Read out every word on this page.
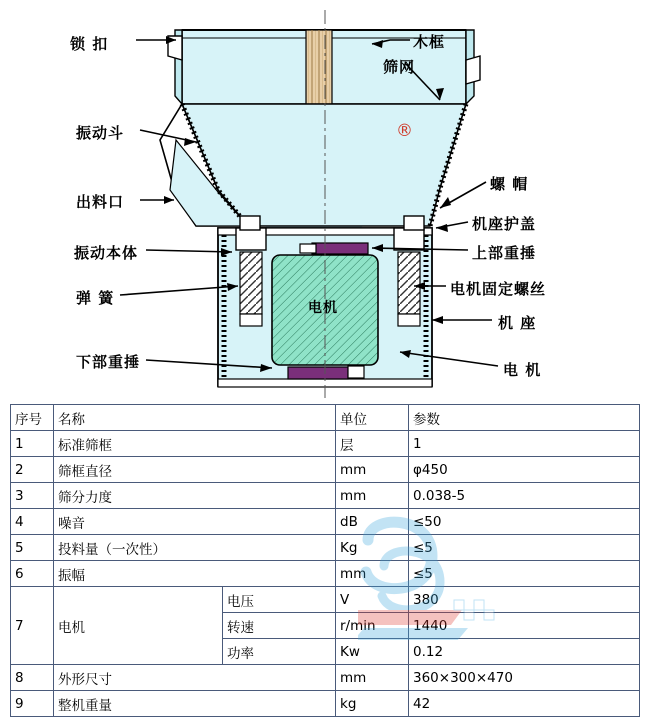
®
锁 扣	木框
筛网
振动斗
螺 帽
出料口
机座护盖
上部重捶
振动本体
电机固定螺丝
弹 簧
机 座
下部重捶	电 机
电机
序号	名称		单位	参数
1	标准筛框		层	1
2	筛框直径		mm	φ450
3	筛分力度		mm	0.038-5
4	噪音		dB	≤50
5	投料量（一次性）		Kg	≤5
6	振幅		mm	≤5
7	电机	电压	V	380
		转速	r/min	1440
		功率	Kw	0.12
8	外形尺寸		mm	360×300×470
9	整机重量		kg	42
